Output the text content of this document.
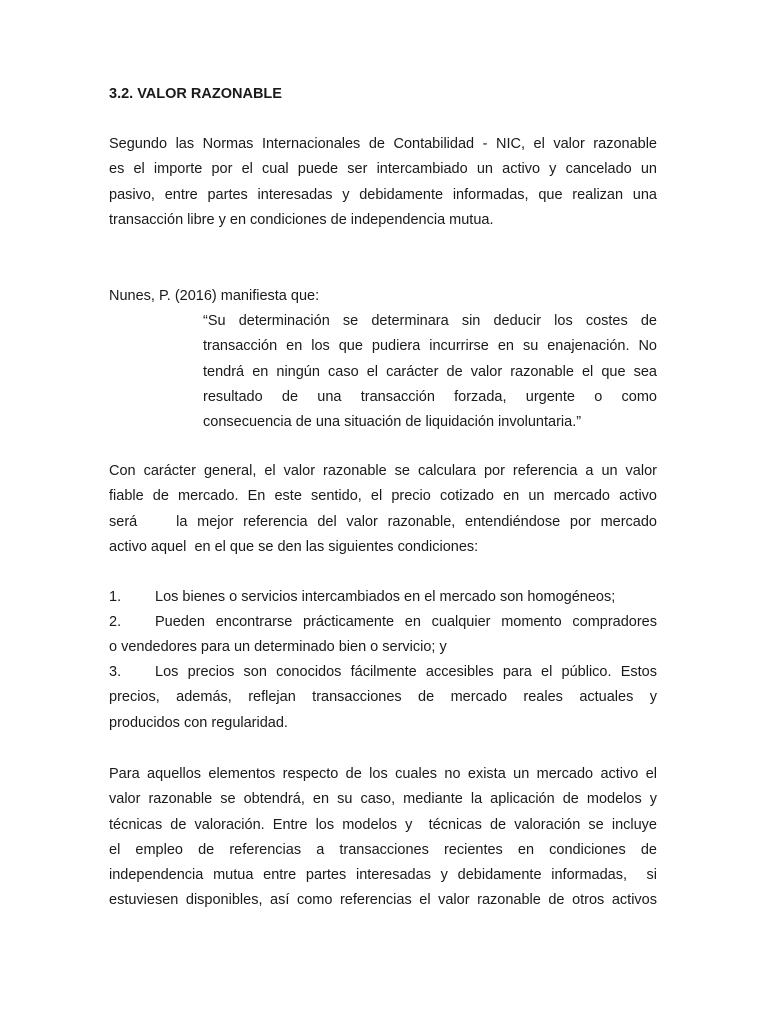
3.2. VALOR RAZONABLE
Segundo las Normas Internacionales de Contabilidad - NIC, el valor razonable
es el importe por el cual puede ser intercambiado un activo y cancelado un
pasivo, entre partes interesadas y debidamente informadas, que realizan una
transacción libre y en condiciones de independencia mutua.
Nunes, P. (2016) manifiesta que:
“Su determinación se determinara sin deducir los costes de
transacción en los que pudiera incurrirse en su enajenación. No
tendrá en ningún caso el carácter de valor razonable el que sea
resultado de una transacción forzada, urgente o como
consecuencia de una situación de liquidación involuntaria.”
Con carácter general, el valor razonable se calculara por referencia a un valor
fiable de mercado. En este sentido, el precio cotizado en un mercado activo
será    la mejor referencia del valor razonable, entendiéndose por mercado
activo aquel  en el que se den las siguientes condiciones:
1. Los bienes o servicios intercambiados en el mercado son homogéneos;
2. Pueden encontrarse prácticamente en cualquier momento compradores
o vendedores para un determinado bien o servicio; y
3. Los precios son conocidos fácilmente accesibles para el público. Estos
precios, además, reflejan transacciones de mercado reales actuales y
producidos con regularidad.
Para aquellos elementos respecto de los cuales no exista un mercado activo el
valor razonable se obtendrá, en su caso, mediante la aplicación de modelos y
técnicas de valoración. Entre los modelos y  técnicas de valoración se incluye
el empleo de referencias a transacciones recientes en condiciones de
independencia mutua entre partes interesadas y debidamente informadas,  si
estuviesen disponibles, así como referencias el valor razonable de otros activos
